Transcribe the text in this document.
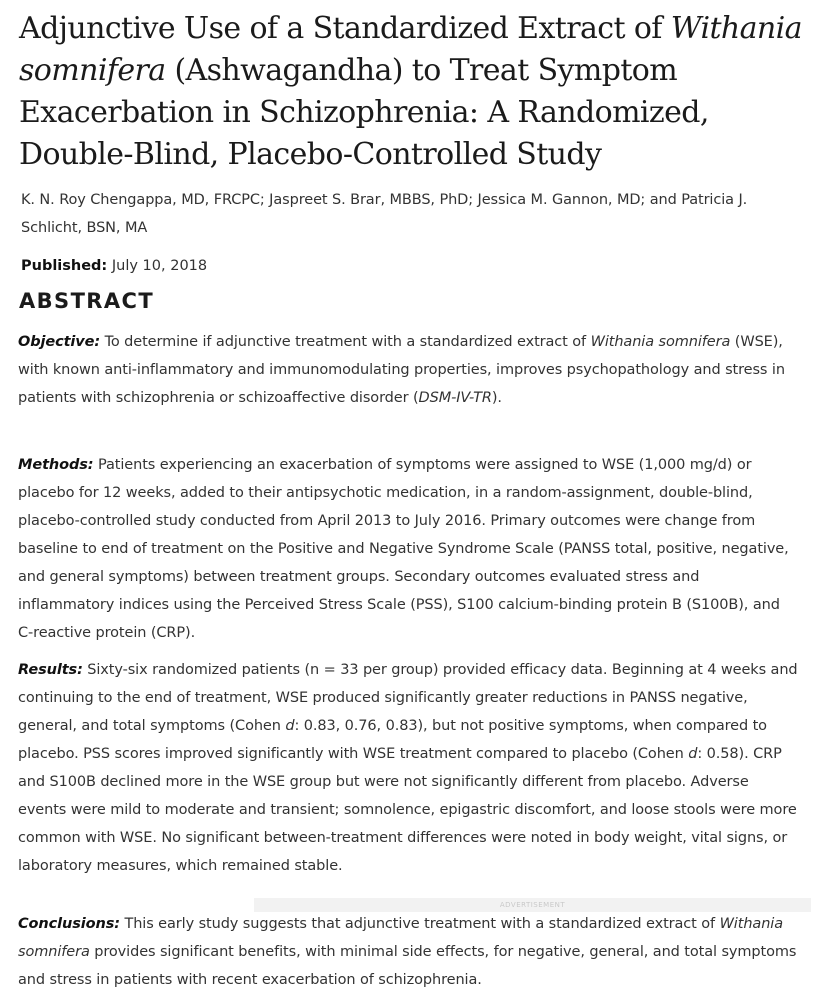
Adjunctive Use of a Standardized Extract of Withania somnifera (Ashwagandha) to Treat Symptom Exacerbation in Schizophrenia: A Randomized, Double-Blind, Placebo-Controlled Study
K. N. Roy Chengappa, MD, FRCPC; Jaspreet S. Brar, MBBS, PhD; Jessica M. Gannon, MD; and Patricia J. Schlicht, BSN, MA
Published: July 10, 2018
ABSTRACT

Objective: To determine if adjunctive treatment with a standardized extract of Withania somnifera (WSE), with known anti-inflammatory and immunomodulating properties, improves psychopathology and stress in patients with schizophrenia or schizoaffective disorder (DSM-IV-TR).

Methods: Patients experiencing an exacerbation of symptoms were assigned to WSE (1,000 mg/d) or placebo for 12 weeks, added to their antipsychotic medication, in a random-assignment, double-blind, placebo-controlled study conducted from April 2013 to July 2016. Primary outcomes were change from baseline to end of treatment on the Positive and Negative Syndrome Scale (PANSS total, positive, negative, and general symptoms) between treatment groups. Secondary outcomes evaluated stress and inflammatory indices using the Perceived Stress Scale (PSS), S100 calcium-binding protein B (S100B), and C-reactive protein (CRP).

Results: Sixty-six randomized patients (n = 33 per group) provided efficacy data. Beginning at 4 weeks and continuing to the end of treatment, WSE produced significantly greater reductions in PANSS negative, general, and total symptoms (Cohen d: 0.83, 0.76, 0.83), but not positive symptoms, when compared to placebo. PSS scores improved significantly with WSE treatment compared to placebo (Cohen d: 0.58). CRP and S100B declined more in the WSE group but were not significantly different from placebo. Adverse events were mild to moderate and transient; somnolence, epigastric discomfort, and loose stools were more common with WSE. No significant between-treatment differences were noted in body weight, vital signs, or laboratory measures, which remained stable.

ADVERTISEMENT

Conclusions: This early study suggests that adjunctive treatment with a standardized extract of Withania somnifera provides significant benefits, with minimal side effects, for negative, general, and total symptoms and stress in patients with recent exacerbation of schizophrenia.
